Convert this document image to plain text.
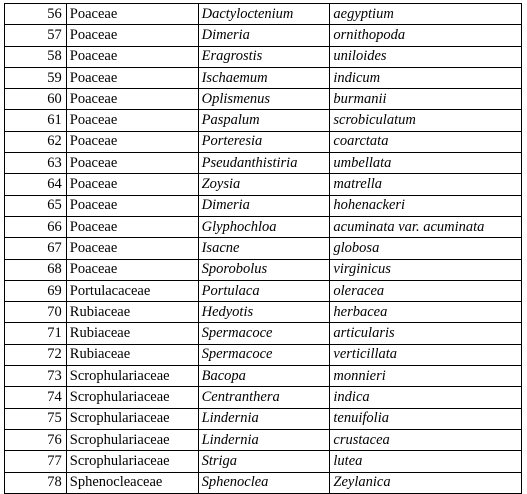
56	Poaceae	Dactyloctenium	aegyptium
57	Poaceae	Dimeria	ornithopoda
58	Poaceae	Eragrostis	uniloides
59	Poaceae	Ischaemum	indicum
60	Poaceae	Oplismenus	burmanii
61	Poaceae	Paspalum	scrobiculatum
62	Poaceae	Porteresia	coarctata
63	Poaceae	Pseudanthistiria	umbellata
64	Poaceae	Zoysia	matrella
65	Poaceae	Dimeria	hohenackeri
66	Poaceae	Glyphochloa	acuminata var. acuminata
67	Poaceae	Isacne	globosa
68	Poaceae	Sporobolus	virginicus
69	Portulacaceae	Portulaca	oleracea
70	Rubiaceae	Hedyotis	herbacea
71	Rubiaceae	Spermacoce	articularis
72	Rubiaceae	Spermacoce	verticillata
73	Scrophulariaceae	Bacopa	monnieri
74	Scrophulariaceae	Centranthera	indica
75	Scrophulariaceae	Lindernia	tenuifolia
76	Scrophulariaceae	Lindernia	crustacea
77	Scrophulariaceae	Striga	lutea
78	Sphenocleaceae	Sphenoclea	Zeylanica
